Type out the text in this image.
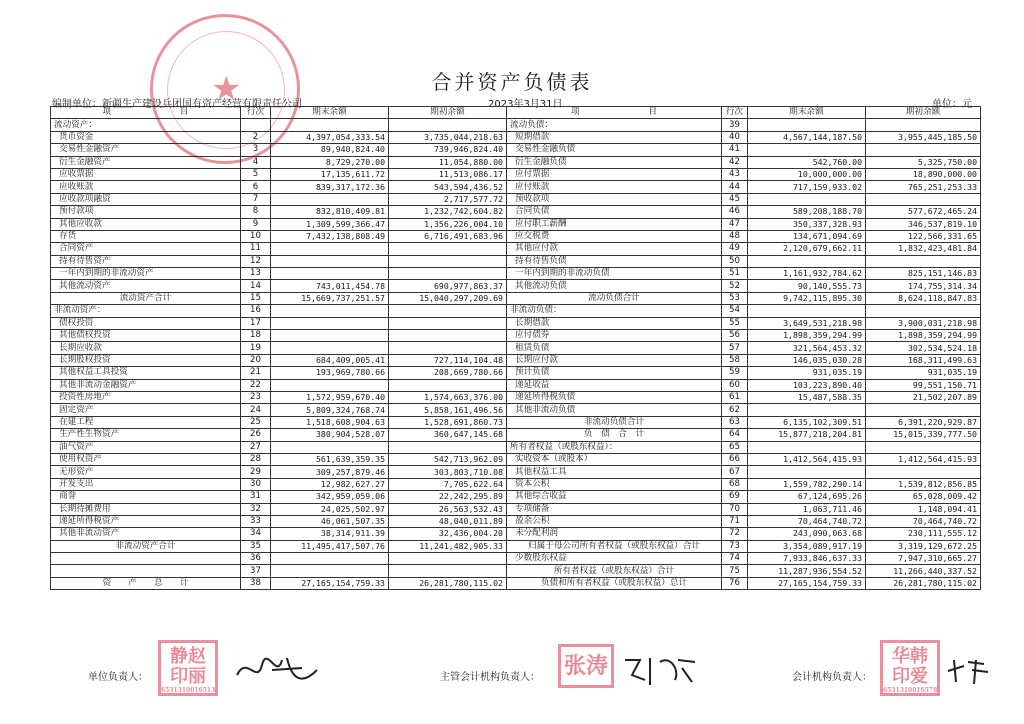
★	合并资产负债表
编制单位：新疆生产建设兵团国有资产经营有限责任公司	2023年3月31日	单位：元
项　　　　　　　　目	行次	期末余额	期初余额	项　　　　　　　　目	行次	期末余额	期初余额
流动资产：				流动负债：	39		
货币资金	2	4,397,054,333.54	3,735,044,218.63	短期借款	40	4,567,144,187.50	3,955,445,185.50
交易性金融资产	3	89,940,824.40	739,946,824.40	交易性金融负债	41		
衍生金融资产	4	8,729,270.00	11,054,880.00	衍生金融负债	42	542,760.00	5,325,750.00
应收票据	5	17,135,611.72	11,513,086.17	应付票据	43	10,000,000.00	18,890,000.00
应收账款	6	839,317,172.36	543,594,436.52	应付账款	44	717,159,933.02	765,251,253.33
应收款项融资	7		2,717,577.72	预收款项	45		
预付款项	8	832,810,409.81	1,232,742,604.82	合同负债	46	589,208,188.70	577,672,465.24
其他应收款	9	1,309,599,366.47	1,356,226,004.10	应付职工薪酬	47	350,337,328.93	346,537,819.10
存货	10	7,432,138,808.49	6,716,491,683.96	应交税费	48	134,671,094.69	122,566,331.65
合同资产	11			其他应付款	49	2,120,679,662.11	1,832,423,481.84
持有待售资产	12			持有待售负债	50		
一年内到期的非流动资产	13			一年内到期的非流动负债	51	1,161,932,784.62	825,151,146.83
其他流动资产	14	743,011,454.78	690,977,863.37	其他流动负债	52	90,140,555.73	174,755,314.34
流动资产合计	15	15,669,737,251.57	15,040,297,209.69	流动负债合计	53	9,742,115,895.30	8,624,118,847.83
非流动资产：	16			非流动负债：	54		
债权投资	17			长期借款	55	3,649,531,218.98	3,900,031,218.98
其他债权投资	18			应付债券	56	1,898,359,294.99	1,898,359,294.99
长期应收款	19			租赁负债	57	321,564,453.32	302,534,524.18
长期股权投资	20	684,409,005.41	727,114,104.48	长期应付款	58	146,035,030.28	168,311,499.63
其他权益工具投资	21	193,969,780.66	208,669,780.66	预计负债	59	931,035.19	931,035.19
其他非流动金融资产	22			递延收益	60	103,223,890.40	99,551,150.71
投资性房地产	23	1,572,959,670.40	1,574,663,376.00	递延所得税负债	61	15,487,588.35	21,502,207.89
固定资产	24	5,809,324,768.74	5,858,161,496.56	其他非流动负债	62		
在建工程	25	1,518,608,904.63	1,528,691,860.73	非流动负债合计	63	6,135,102,309.51	6,391,220,929.87
生产性生物资产	26	380,904,528.07	360,647,145.68	负　债　合　计	64	15,877,218,204.81	15,015,339,777.50
油气资产	27			所有者权益（或股东权益）：	65		
使用权资产	28	561,639,359.35	542,713,962.09	实收资本（或股本）	66	1,412,564,415.93	1,412,564,415.93
无形资产	29	309,257,879.46	303,803,710.08	其他权益工具	67		
开发支出	30	12,982,627.27	7,705,622.64	资本公积	68	1,559,782,290.14	1,539,812,856.85
商誉	31	342,959,059.06	22,242,295.89	其他综合收益	69	67,124,695.26	65,028,009.42
长期待摊费用	32	24,025,502.97	26,563,532.43	专项储备	70	1,063,711.46	1,148,094.41
递延所得税资产	33	46,061,507.35	48,040,011.89	盈余公积	71	70,464,740.72	70,464,740.72
其他非流动资产	34	38,314,911.39	32,436,004.20	未分配利润	72	243,090,063.68	230,111,555.12
非流动资产合计	35	11,495,417,507.76	11,241,482,905.33	归属于母公司所有者权益（或股东权益）合计	73	3,354,089,917.19	3,319,129,672.25
	36			少数股东权益	74	7,933,846,637.33	7,947,310,665.27
	37			所有者权益（或股东权益）合计	75	11,287,936,554.52	11,266,440,337.52
资　　产　　总　　计	38	27,165,154,759.33	26,281,780,115.02	负债和所有者权益（或股东权益）总计	76	27,165,154,759.33	26,281,780,115.02
单位负责人：	主管会计机构负责人：	会计机构负责人：
静赵
印丽
6531310016513
张涛	华韩
印爱
6531310016578
